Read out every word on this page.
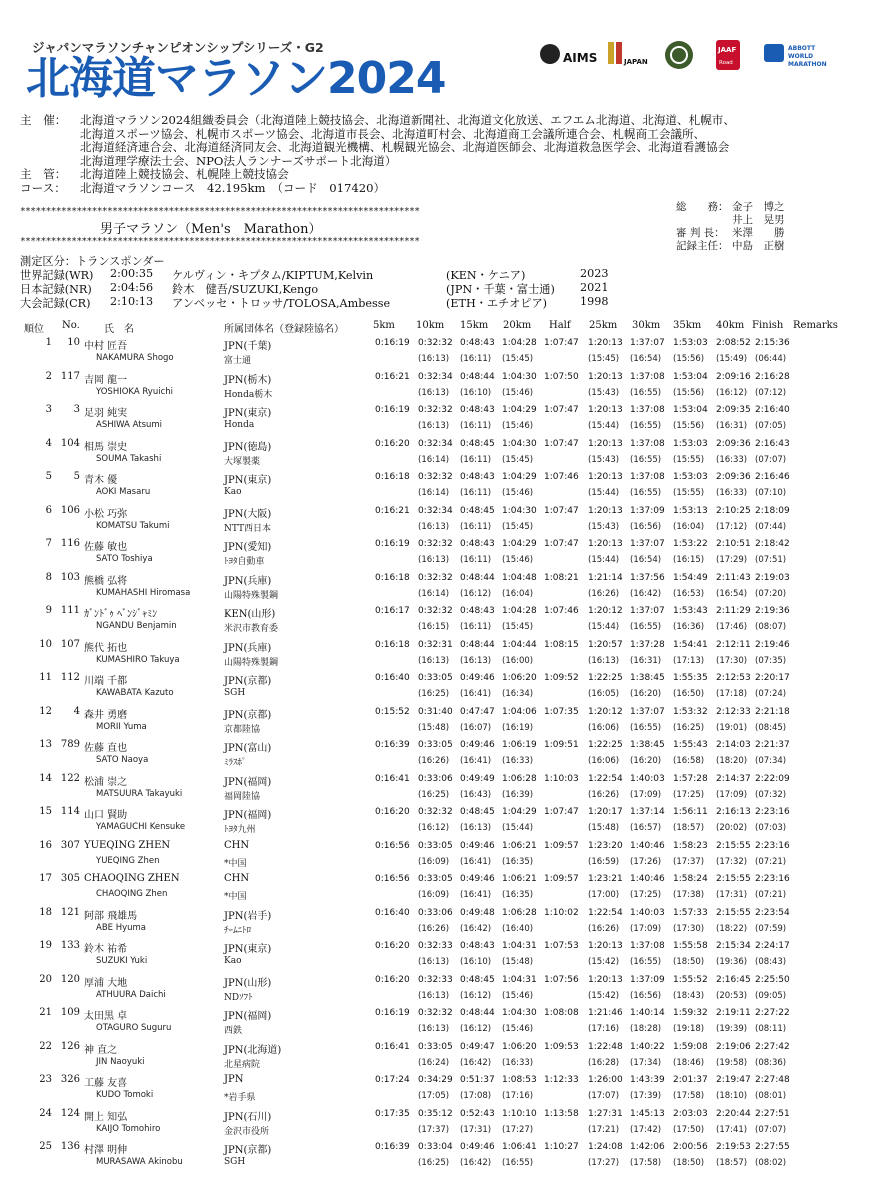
ジャパンマラソンチャンピオンシップシリーズ・G2
北海道マラソン2024	AIMS	JAPAN
JAAF
Road
ABBOTT
WORLD
MARATHON
主　催： 北海道マラソン2024組織委員会（北海道陸上競技協会、北海道新聞社、北海道文化放送、エフエム北海道、北海道、札幌市、
北海道スポーツ協会、札幌市スポーツ協会、北海道市長会、北海道町村会、北海道商工会議所連合会、札幌商工会議所、
北海道経済連合会、北海道経済同友会、北海道観光機構、札幌観光協会、北海道医師会、北海道救急医学会、北海道看護協会
北海道理学療法士会、NPO法人ランナーズサポート北海道）
主　管： 北海道陸上競技協会、札幌陸上競技協会
コース： 北海道マラソンコース　42.195km　（コード　017420）
******************************************************************************
男子マラソン（Men's　Marathon）
******************************************************************************
総　　務： 金子　博之
井上　晃男
審 判 長： 米澤　　勝
記録主任： 中島　正樹
測定区分：トランスポンダー
世界記録(WR) 2:00:35 ケルヴィン・キプタム/KIPTUM,Kelvin	(KEN・ケニア)	2023
日本記録(NR) 2:04:56 鈴木　健吾/SUZUKI,Kengo	(JPN・千葉・富士通) 2021
大会記録(CR) 2:10:13 アンベッセ・トロッサ/TOLOSA,Ambesse	(ETH・エチオピア)	1998
順位 No. 氏　名	所属団体名（登録陸協名）	5km 10km 15km 20km Half 25km 30km 35km 40km Finish Remarks
1	10 中村 匠吾	JPN(千葉)	0:16:19 0:32:32 0:48:43 1:04:28 1:07:47 1:20:13 1:37:07 1:53:03 2:08:52 2:15:36
NAKAMURA Shogo	富士通	(16:13) (16:11) (15:45)	(15:45) (16:54) (15:56) (15:49) (06:44)
2 117 吉岡 龍一	JPN(栃木)	0:16:21 0:32:34 0:48:44 1:04:30 1:07:50 1:20:13 1:37:08 1:53:04 2:09:16 2:16:28
YOSHIOKA Ryuichi	Honda栃木	(16:13) (16:10) (15:46)	(15:43) (16:55) (15:56) (16:12) (07:12)
3	3 足羽 純実	JPN(東京)	0:16:19 0:32:32 0:48:43 1:04:29 1:07:47 1:20:13 1:37:08 1:53:04 2:09:35 2:16:40
ASHIWA Atsumi	Honda	(16:13) (16:11) (15:46)	(15:44) (16:55) (15:56) (16:31) (07:05)
4 104 相馬 崇史	JPN(徳島)	0:16:20 0:32:34 0:48:45 1:04:30 1:07:47 1:20:13 1:37:08 1:53:03 2:09:36 2:16:43
SOUMA Takashi	大塚製薬	(16:14) (16:11) (15:45)	(15:43) (16:55) (15:55) (16:33) (07:07)
5	5 青木 優	JPN(東京)	0:16:18 0:32:32 0:48:43 1:04:29 1:07:46 1:20:13 1:37:08 1:53:03 2:09:36 2:16:46
AOKI Masaru	Kao	(16:14) (16:11) (15:46)	(15:44) (16:55) (15:55) (16:33) (07:10)
6 106 小松 巧弥	JPN(大阪)	0:16:21 0:32:34 0:48:45 1:04:30 1:07:47 1:20:13 1:37:09 1:53:13 2:10:25 2:18:09
KOMATSU Takumi	NTT西日本	(16:13) (16:11) (15:45)	(15:43) (16:56) (16:04) (17:12) (07:44)
7 116 佐藤 敏也	JPN(愛知)	0:16:19 0:32:32 0:48:43 1:04:29 1:07:47 1:20:13 1:37:07 1:53:22 2:10:51 2:18:42
SATO Toshiya	ﾄﾖﾀ自動車	(16:13) (16:11) (15:46)	(15:44) (16:54) (16:15) (17:29) (07:51)
8 103 熊橋 弘将	JPN(兵庫)	0:16:18 0:32:32 0:48:44 1:04:48 1:08:21 1:21:14 1:37:56 1:54:49 2:11:43 2:19:03
KUMAHASHI Hiromasa	山陽特殊製鋼	(16:14) (16:12) (16:04)	(16:26) (16:42) (16:53) (16:54) (07:20)
9 111 ｶﾞﾝﾄﾞｩ ﾍﾞﾝｼﾞｬﾐﾝ	KEN(山形)	0:16:17 0:32:32 0:48:43 1:04:28 1:07:46 1:20:12 1:37:07 1:53:43 2:11:29 2:19:36
NGANDU Benjamin	米沢市教育委	(16:15) (16:11) (15:45)	(15:44) (16:55) (16:36) (17:46) (08:07)
10 107 熊代 拓也	JPN(兵庫)	0:16:18 0:32:31 0:48:44 1:04:44 1:08:15 1:20:57 1:37:28 1:54:41 2:12:11 2:19:46
KUMASHIRO Takuya	山陽特殊製鋼	(16:13) (16:13) (16:00)	(16:13) (16:31) (17:13) (17:30) (07:35)
11 112 川端 千都	JPN(京都)	0:16:40 0:33:05 0:49:46 1:06:20 1:09:52 1:22:25 1:38:45 1:55:35 2:12:53 2:20:17
KAWABATA Kazuto	SGH	(16:25) (16:41) (16:34)	(16:05) (16:20) (16:50) (17:18) (07:24)
12	4 森井 勇磨	JPN(京都)	0:15:52 0:31:40 0:47:47 1:04:06 1:07:35 1:20:12 1:37:07 1:53:32 2:12:33 2:21:18
MORII Yuma	京都陸協	(15:48) (16:07) (16:19)	(16:06) (16:55) (16:25) (19:01) (08:45)
13 789 佐藤 直也	JPN(富山)	0:16:39 0:33:05 0:49:46 1:06:19 1:09:51 1:22:25 1:38:45 1:55:43 2:14:03 2:21:37
SATO Naoya	ﾐﾗｽﾎﾟ	(16:26) (16:41) (16:33)	(16:06) (16:20) (16:58) (18:20) (07:34)
14 122 松浦 崇之	JPN(福岡)	0:16:41 0:33:06 0:49:49 1:06:28 1:10:03 1:22:54 1:40:03 1:57:28 2:14:37 2:22:09
MATSUURA Takayuki	福岡陸協	(16:25) (16:43) (16:39)	(16:26) (17:09) (17:25) (17:09) (07:32)
15 114 山口 賢助	JPN(福岡)	0:16:20 0:32:32 0:48:45 1:04:29 1:07:47 1:20:17 1:37:14 1:56:11 2:16:13 2:23:16
YAMAGUCHI Kensuke	ﾄﾖﾀ九州	(16:12) (16:13) (15:44)	(15:48) (16:57) (18:57) (20:02) (07:03)
16 307 YUEQING ZHEN	CHN	0:16:56 0:33:05 0:49:46 1:06:21 1:09:57 1:23:20 1:40:46 1:58:23 2:15:55 2:23:16
YUEQING Zhen	*中国	(16:09) (16:41) (16:35)	(16:59) (17:26) (17:37) (17:32) (07:21)
17 305 CHAOQING ZHEN	CHN	0:16:56 0:33:05 0:49:46 1:06:21 1:09:57 1:23:21 1:40:46 1:58:24 2:15:55 2:23:16
CHAOQING Zhen	*中国	(16:09) (16:41) (16:35)	(17:00) (17:25) (17:38) (17:31) (07:21)
18 121 阿部 飛雄馬	JPN(岩手)	0:16:40 0:33:06 0:49:48 1:06:28 1:10:02 1:22:54 1:40:03 1:57:33 2:15:55 2:23:54
ABE Hyuma	ﾁｰﾑﾆﾄﾛ	(16:26) (16:42) (16:40)	(16:26) (17:09) (17:30) (18:22) (07:59)
19 133 鈴木 祐希	JPN(東京)	0:16:20 0:32:33 0:48:43 1:04:31 1:07:53 1:20:13 1:37:08 1:55:58 2:15:34 2:24:17
SUZUKI Yuki	Kao	(16:13) (16:10) (15:48)	(15:42) (16:55) (18:50) (19:36) (08:43)
20 120 厚浦 大地	JPN(山形)	0:16:20 0:32:33 0:48:45 1:04:31 1:07:56 1:20:13 1:37:09 1:55:52 2:16:45 2:25:50
ATHUURA Daichi	NDｿﾌﾄ	(16:13) (16:12) (15:46)	(15:42) (16:56) (18:43) (20:53) (09:05)
21 109 太田黒 卓	JPN(福岡)	0:16:19 0:32:32 0:48:44 1:04:30 1:08:08 1:21:46 1:40:14 1:59:32 2:19:11 2:27:22
OTAGURO Suguru	西鉄	(16:13) (16:12) (15:46)	(17:16) (18:28) (19:18) (19:39) (08:11)
22 126 神 直之	JPN(北海道)	0:16:41 0:33:05 0:49:47 1:06:20 1:09:53 1:22:48 1:40:22 1:59:08 2:19:06 2:27:42
JIN Naoyuki	北星病院	(16:24) (16:42) (16:33)	(16:28) (17:34) (18:46) (19:58) (08:36)
23 326 工藤 友喜	JPN	0:17:24 0:34:29 0:51:37 1:08:53 1:12:33 1:26:00 1:43:39 2:01:37 2:19:47 2:27:48
KUDO Tomoki	*岩手県	(17:05) (17:08) (17:16)	(17:07) (17:39) (17:58) (18:10) (08:01)
24 124 開上 知弘	JPN(石川)	0:17:35 0:35:12 0:52:43 1:10:10 1:13:58 1:27:31 1:45:13 2:03:03 2:20:44 2:27:51
KAIJO Tomohiro	金沢市役所	(17:37) (17:31) (17:27)	(17:21) (17:42) (17:50) (17:41) (07:07)
25 136 村澤 明伸	JPN(京都)	0:16:39 0:33:04 0:49:46 1:06:41 1:10:27 1:24:08 1:42:06 2:00:56 2:19:53 2:27:55
MURASAWA Akinobu	SGH	(16:25) (16:42) (16:55)	(17:27) (17:58) (18:50) (18:57) (08:02)
